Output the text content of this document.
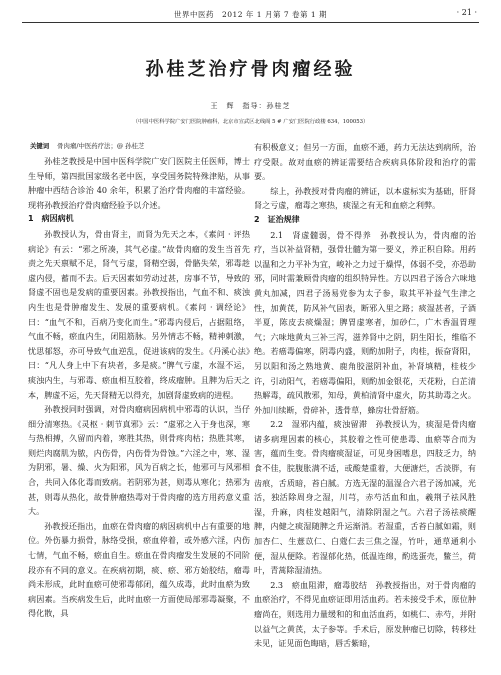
世界中医药　2012 年 1 月第 7 卷第 1 期	· 21 ·
孙桂芝治疗骨肉瘤经验
王　辉　指导：孙桂芝
（中国中医科学院广安门医院肿瘤科，北京市宣武区北线阁 5 # 广安门医院行政楼 634，100053）
关键词 骨肉瘤/中医药疗法；@ 孙桂芝

孙桂芝教授是中国中医科学院广安门医院主任医师，博士生导师，第四批国家级名老中医，享受国务院特殊津贴，从事肿瘤中西结合诊治 40 余年，积累了治疗骨肉瘤的丰富经验。现将孙教授治疗骨肉瘤经验予以介述。

1　病因病机

孙教授认为，骨由肾主，而肾为先天之本，《素问 · 评热病论》有云：“邪之所凑，其气必虚。”故骨肉瘤的发生当首先责之先天禀赋不足，肾气亏虚，肾精空弱，骨骼失荣，邪毒趁虚内侵，蓄而不去。后天因素如劳动过甚，房事不节，导致的肾虚不固也是发病的重要因素。孙教授指出，气血不和、痰浊内生也是骨肿瘤发生、发展的重要病机。《素问 · 调经论》曰：“血气不和，百病乃变化而生。”邪毒内侵后，占据阻络，气血不畅，瘀血内生，闭阻筋脉。另外情志不畅，精神刺激，忧思郁怒，亦可导致气血逆乱，促进该病的发生。《丹溪心法》曰：“凡人身上中下有块者，多是痰。”脾气亏虚，水湿不运，痰浊内生，与邪毒、瘀血相互胶着，终成瘤肿。且脾为后天之本，脾虚不运，先天肾精无以得充，加剧肾虚致病的进程。

孙教授同时强调，对骨肉瘤病因病机中邪毒的认识，当仔细分清寒热。《灵枢 · 刺节真邪》云：“虚邪之入于身也深，寒与热相搏，久留而内着，寒胜其热，则骨疼肉枯；热胜其寒，则烂肉腐肌为脓，内伤骨，内伤骨为骨蚀。”六淫之中，寒、湿为阴邪，暑、燥、火为阳邪，风为百病之长，他邪可与风邪相合，共同入体化毒而致病。若阴邪为甚，则毒从寒化；热邪为甚，则毒从热化，故骨肿瘤热毒对于骨肉瘤的选方用药意义重大。

孙教授还指出，血瘀在骨肉瘤的病因病机中占有重要的地位。外伤暴力损骨，脉络受损，瘀血停着，或外感六淫，内伤七情，气血不畅，瘀血自生。瘀血在骨肉瘤发生发展的不同阶段亦有不同的意义。在疾病初期，痰、瘀、邪方始胶结，瘤毒尚未形成，此时血瘀可使邪毒郁闭，蕴久成毒，此时血瘀为致病因素。当疾病发生后，此时血瘀一方面使局部邪毒凝聚，不得化散，具

有积极意义；但另一方面，血瘀不通，药力无法达到病所，治疗受限。故对血瘀的辨证需要结合疾病具体阶段和治疗的需要。

综上，孙教授对骨肉瘤的辨证，以本虚标实为基础，肝肾肾之亏虚，瘤毒之寒热，痰湿之有无和血瘀之利弊。

2　证治规律

2.1　肾虚髓弱，骨不得养　孙教授认为，骨肉瘤的治疗，当以补益肾精，强骨壮髓为第一要义，养正积自除。用药以温和之力平补为宜，峻补之力过于燥悍，体弱不受，亦恐助邪，同时需兼顾骨肉瘤的组织特异性。方以四君子汤合六味地黄丸加减，四君子汤易党参为太子参，取其平补益气生津之性，加黄芪，防风补气固表，断邪入里之路；痰湿甚者，子酒半夏，陈皮去痰燥湿；脾胃虚寒者，加砂仁，广木香温胃理气；六味地黄丸三补三泻，滋养肾中之阴，阴生阳长，维临不绝。若癌毒偏寒，阴毒内盛，则酌加附子，肉桂，振奋肾阳，另以阳和汤之熟地黄、鹿角胶滋阴补血，补肾填精，桂枝少许，引动阳气，若癌毒偏阳，则酌加金银花，天花粉，白芷清热解毒，疏风散邪，知母，黄柏清肾中虚火，防其助毒之火。外加川续断，骨碎补，透骨草，蜂房壮骨舒筋。

2.2　湿邪内蕴，痰浊留滞　孙教授认为，痰湿是骨肉瘤诸多病理因素的核心，其胶着之性可使患毒、血瘀等合而为害，蕴而生变。骨肉瘤痰湿证，可见身困嗜息，四肢乏力，纳食不佳，脘腹胀满不适，或酸楚重着，大便溏烂，舌淡胖，有齿痕，舌质暗，苔白腻。方选无湿的温湿合六君子汤加减，光活，独活除周身之湿，川芎，赤芍活血和血，羲荆子祛风胜湿，升麻，肉桂发越阳气，清除阴湿之气。六君子汤祛痰醒脾，内健之痰湿随脾之升运渐消。若湿重，舌苔白腻如霜，则加杏仁、生薏苡仁、白蔻仁去三焦之湿，竹叶，通草通利小便，湿从便除。若湿郁化热，低温连绵，酌选蛋壳，鳖兰，荷叶，青蒿除湿清热。

2.3　瘀血阻滞，瘤毒胶结　孙教授指出，对于骨肉瘤的血瘀治疗，不得见血瘀证即用活血药。若未接受手术，原位肿瘤尚在，则选用力量缓和的和血活血药，如桃仁、赤芍，并附以益气之黄芪，太子参等。手术后，原发肿瘤已切除，转移灶未见，证见面色晦暗，唇舌紫暗，
